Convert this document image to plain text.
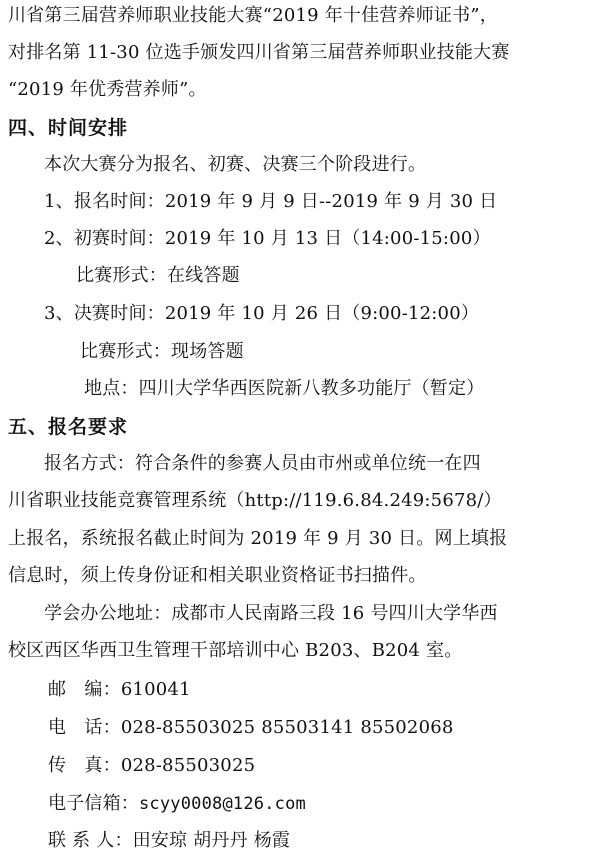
川省第三届营养师职业技能大赛“2019 年十佳营养师证书”，
对排名第 11-30 位选手颁发四川省第三届营养师职业技能大赛
“2019 年优秀营养师”。
四、时间安排
本次大赛分为报名、初赛、决赛三个阶段进行。
1、报名时间：2019 年 9 月 9 日--2019 年 9 月 30 日
2、初赛时间：2019 年 10 月 13 日（14:00-15:00）
比赛形式：在线答题
3、决赛时间：2019 年 10 月 26 日（9:00-12:00）
比赛形式：现场答题
地点：四川大学华西医院新八教多功能厅（暂定）
五、报名要求
报名方式：符合条件的参赛人员由市州或单位统一在四
川省职业技能竞赛管理系统（http://119.6.84.249:5678/）
上报名，系统报名截止时间为 2019 年 9 月 30 日。网上填报
信息时，须上传身份证和相关职业资格证书扫描件。
学会办公地址：成都市人民南路三段 16 号四川大学华西
校区西区华西卫生管理干部培训中心 B203、B204 室。
邮　编：610041
电　话：028-85503025 85503141 85502068
传　真：028-85503025
电子信箱：scyy0008@126.com
联 系 人：田安琼 胡丹丹 杨霞
